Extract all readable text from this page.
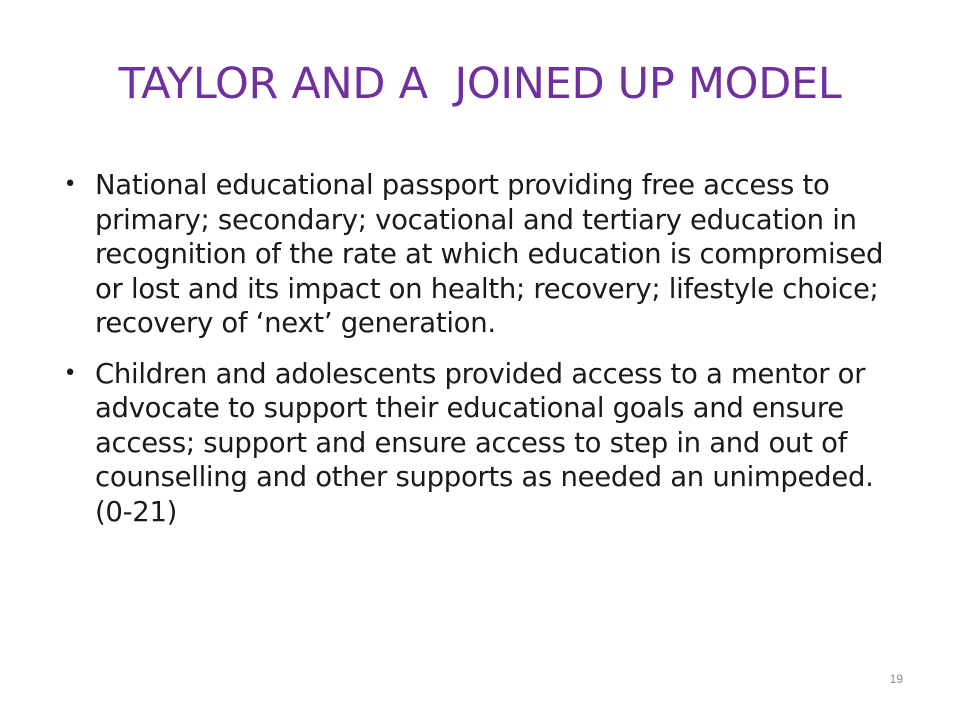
TAYLOR AND A  JOINED UP MODEL
• National educational passport providing free access to primary; secondary; vocational and tertiary education in recognition of the rate at which education is compromised or lost and its impact on health; recovery; lifestyle choice; recovery of ‘next’ generation.
• Children and adolescents provided access to a mentor or advocate to support their educational goals and ensure access; support and ensure access to step in and out of counselling and other supports as needed an unimpeded. (0-21)
19
